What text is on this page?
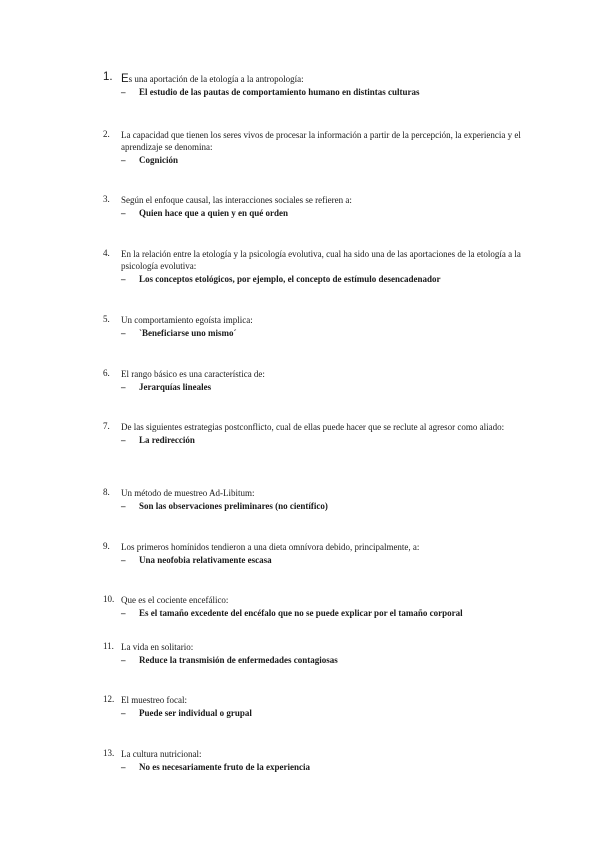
1. Es una aportación de la etología a la antropología:
– El estudio de las pautas de comportamiento humano en distintas culturas
2.	La capacidad que tienen los seres vivos de procesar la información a partir de la percepción, la experiencia y el aprendizaje se denomina:
– Cognición
3.	Según el enfoque causal, las interacciones sociales se refieren a:
– Quien hace que a quien y en qué orden
4.	En la relación entre la etología y la psicología evolutiva, cual ha sido una de las aportaciones de la etología a la psicología evolutiva:
– Los conceptos etológicos, por ejemplo, el concepto de estímulo desencadenador
5.	Un comportamiento egoísta implica:
– `Beneficiarse uno mismo´
6.	El rango básico es una característica de:
– Jerarquías lineales
7.	De las siguientes estrategias postconflicto, cual de ellas puede hacer que se reclute al agresor como aliado:
– La redirección
8.	Un método de muestreo Ad-Libitum:
– Son las observaciones preliminares (no científico)
9.	Los primeros homínidos tendieron a una dieta omnívora debido, principalmente, a:
– Una neofobia relativamente escasa
10. Que es el cociente encefálico:
– Es el tamaño excedente del encéfalo que no se puede explicar por el tamaño corporal
11. La vida en solitario:
– Reduce la transmisión de enfermedades contagiosas
12. El muestreo focal:
– Puede ser individual o grupal
13. La cultura nutricional:
– No es necesariamente fruto de la experiencia
